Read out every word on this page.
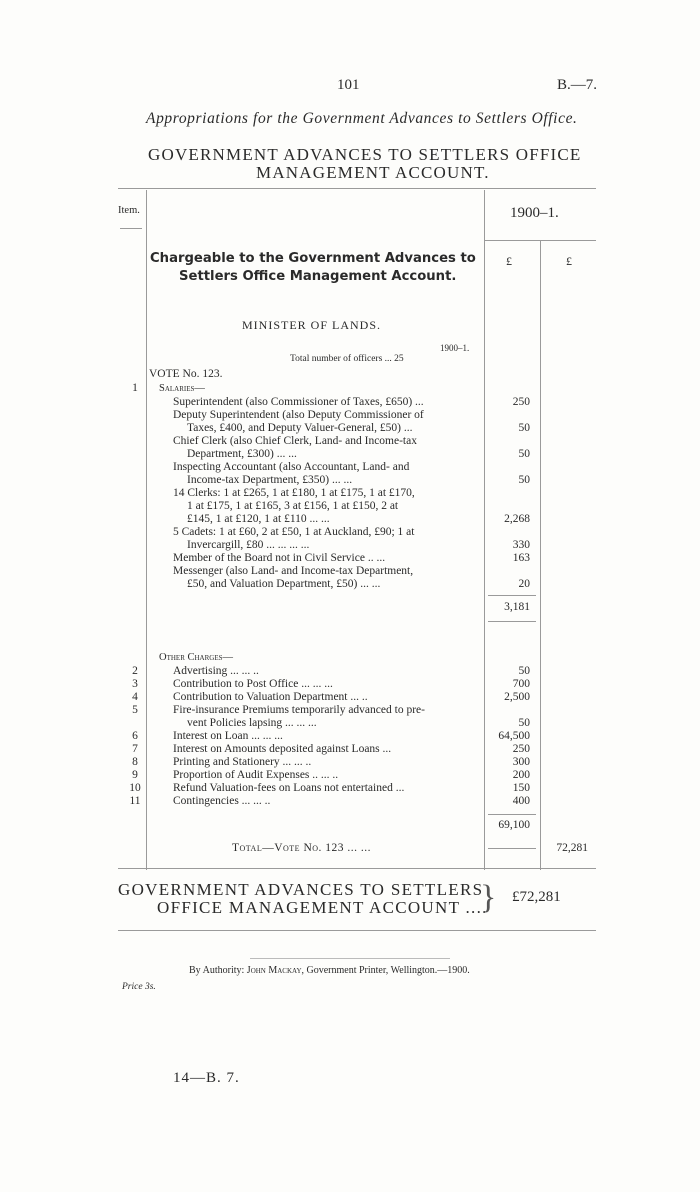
101	B.—7.
Appropriations for the Government Advances to Settlers Office.
GOVERNMENT ADVANCES TO SETTLERS OFFICE
MANAGEMENT ACCOUNT.
Item.	1900–1.
£	£
Chargeable to the Government Advances to
Settlers Office Management Account.
MINISTER OF LANDS.
1900–1.
Total number of officers ... 25
VOTE No. 123.
1	Salaries—
Superintendent (also Commissioner of Taxes, £650) ...	250
Deputy Superintendent (also Deputy Commissioner of
Taxes, £400, and Deputy Valuer-General, £50) ...	50
Chief Clerk (also Chief Clerk, Land- and Income-tax
Department, £300) ... ...	50
Inspecting Accountant (also Accountant, Land- and
Income-tax Department, £350) ... ...	50
14 Clerks: 1 at £265, 1 at £180, 1 at £175, 1 at £170,
1 at £175, 1 at £165, 3 at £156, 1 at £150, 2 at
£145, 1 at £120, 1 at £110 ... ...	2,268
5 Cadets: 1 at £60, 2 at £50, 1 at Auckland, £90; 1 at
Invercargill, £80 ... ... ... ...	330
Member of the Board not in Civil Service .. ...	163
Messenger (also Land- and Income-tax Department,
£50, and Valuation Department, £50) ... ...	20
3,181
Other Charges—
2	Advertising ... ... ..	50
3	Contribution to Post Office ... ... ...	700
4	Contribution to Valuation Department ... ..	2,500
5	Fire-insurance Premiums temporarily advanced to pre-
vent Policies lapsing ... ... ...	50
6	Interest on Loan ... ... ...	64,500
7	Interest on Amounts deposited against Loans ...	250
8	Printing and Stationery ... ... ..	300
9	Proportion of Audit Expenses .. ... ..	200
10	Refund Valuation-fees on Loans not entertained ...	150
11	Contingencies ... ... ..	400
69,100
Total—Vote No. 123 ... ...	72,281
GOVERNMENT ADVANCES TO SETTLERS
OFFICE MANAGEMENT ACCOUNT ....
} £72,281
By Authority: John Mackay, Government Printer, Wellington.—1900.
Price 3s.
14—B. 7.
